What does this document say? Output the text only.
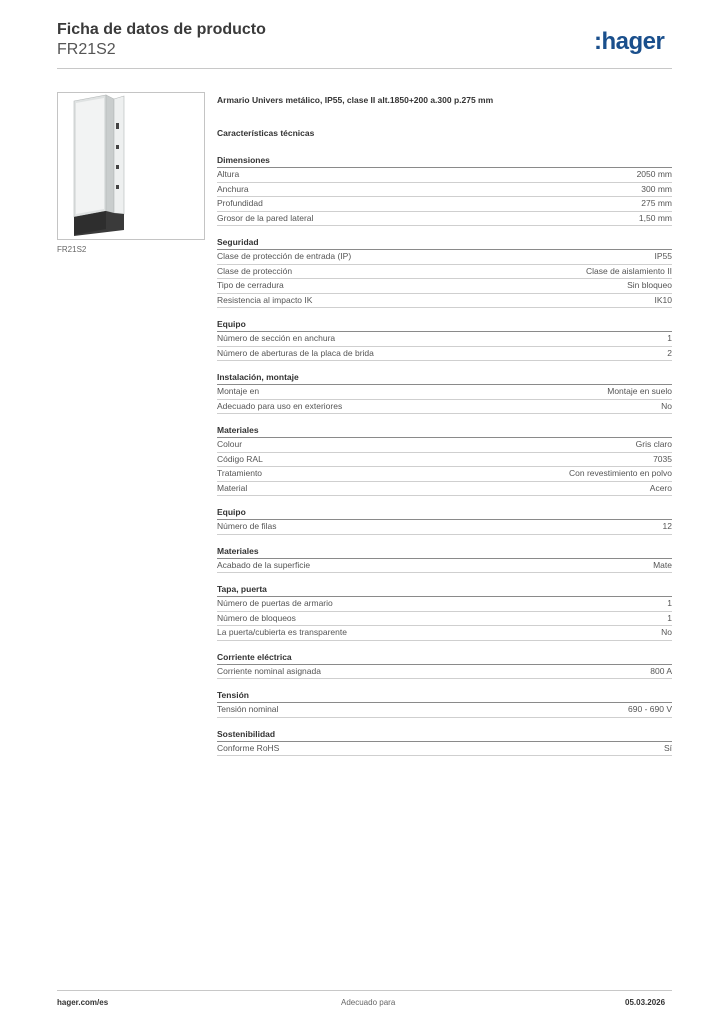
Ficha de datos de producto
FR21S2	:hager
FR21S2
Armario Univers metálico, IP55, clase II alt.1850+200 a.300 p.275 mm
Características técnicas
Dimensiones
Altura	2050 mm
Anchura	300 mm
Profundidad	275 mm
Grosor de la pared lateral	1,50 mm
Seguridad
Clase de protección de entrada (IP)	IP55
Clase de protección	Clase de aislamiento II
Tipo de cerradura	Sin bloqueo
Resistencia al impacto IK	IK10
Equipo
Número de sección en anchura	1
Número de aberturas de la placa de brida	2
Instalación, montaje
Montaje en	Montaje en suelo
Adecuado para uso en exteriores	No
Materiales
Colour	Gris claro
Código RAL	7035
Tratamiento	Con revestimiento en polvo
Material	Acero
Equipo
Número de filas	12
Materiales
Acabado de la superficie	Mate
Tapa, puerta
Número de puertas de armario	1
Número de bloqueos	1
La puerta/cubierta es transparente	No
Corriente eléctrica
Corriente nominal asignada	800 A
Tensión
Tensión nominal	690 - 690 V
Sostenibilidad
Conforme RoHS	Sí
hager.com/es	Adecuado para	05.03.2026
